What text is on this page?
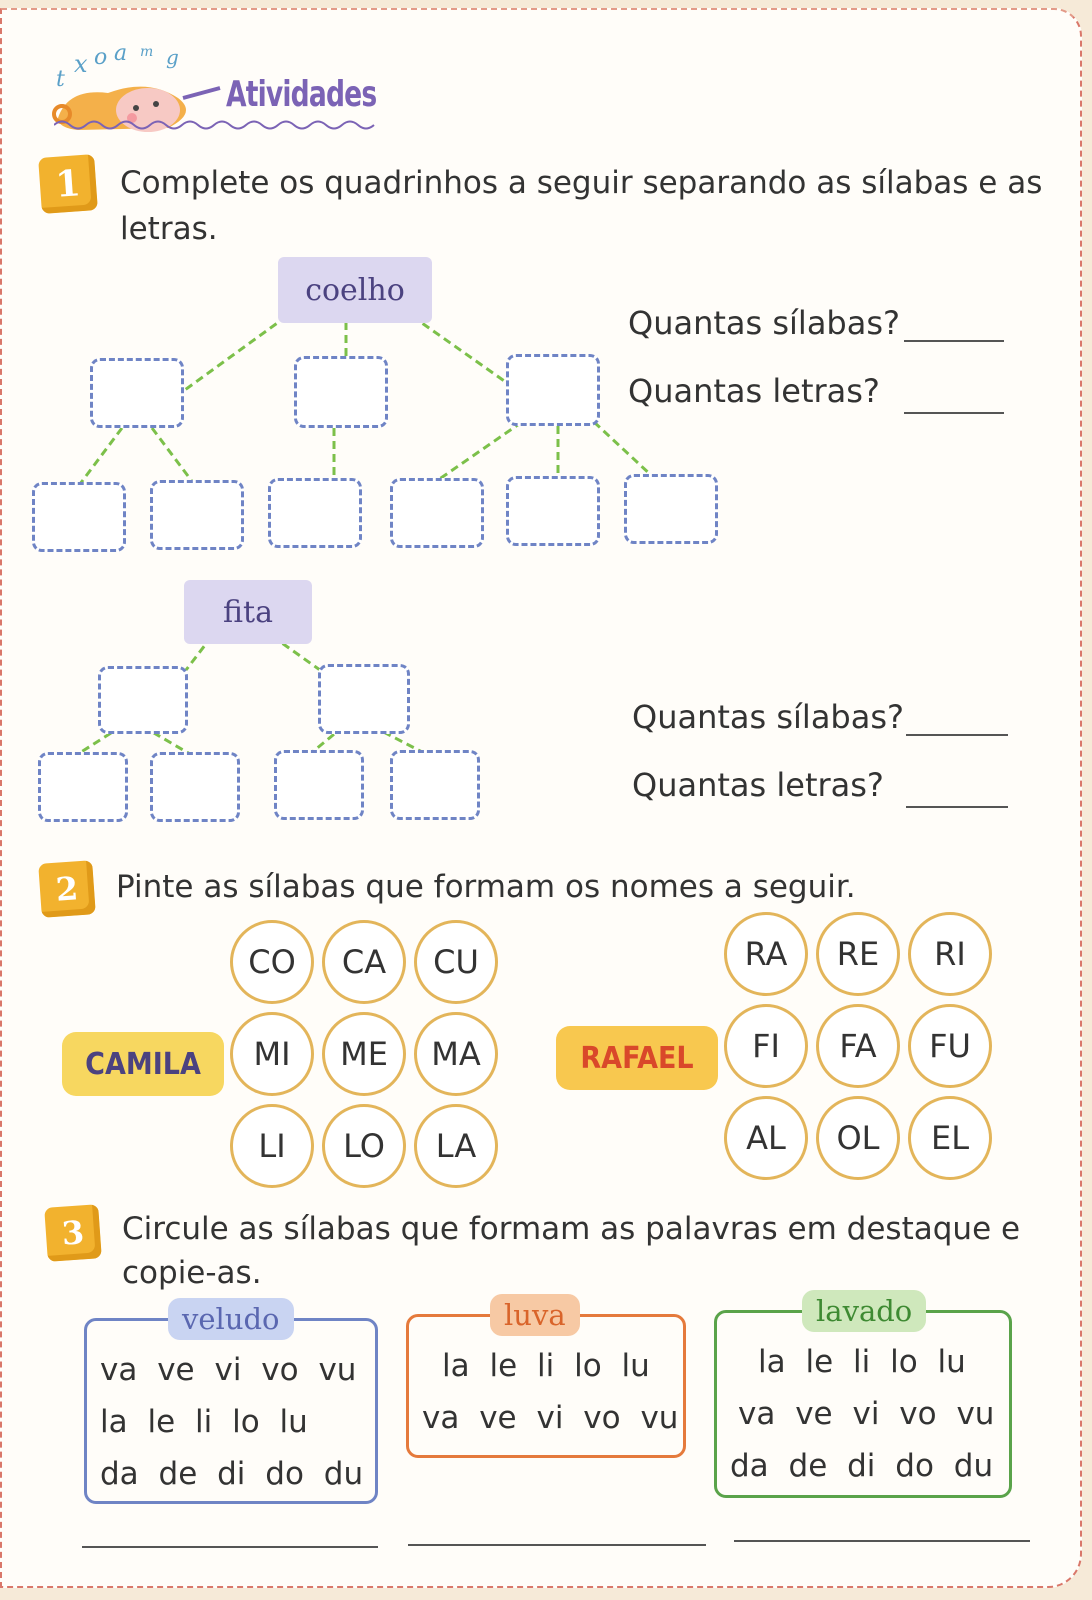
t
x o a m g
Atividades
1	Complete os quadrinhos a seguir separando as sílabas e as
letras.
coelho
Quantas sílabas?
Quantas letras?
fita
Quantas sílabas?
Quantas letras?
2	Pinte as sílabas que formam os nomes a seguir.
CAMILA	RAFAEL
CO	CA	CU
MI	ME	MA
LI	LO	LA
RA	RE	RI
FI	FA	FU
AL	OL	EL
3	Circule as sílabas que formam as palavras em destaque e
copie-as.
veludo
va ve vi vo vu
la le li lo lu
da de di do du
luva
la le li lo lu
va ve vi vo vu
lavado
la le li lo lu
va ve vi vo vu
da de di do du
